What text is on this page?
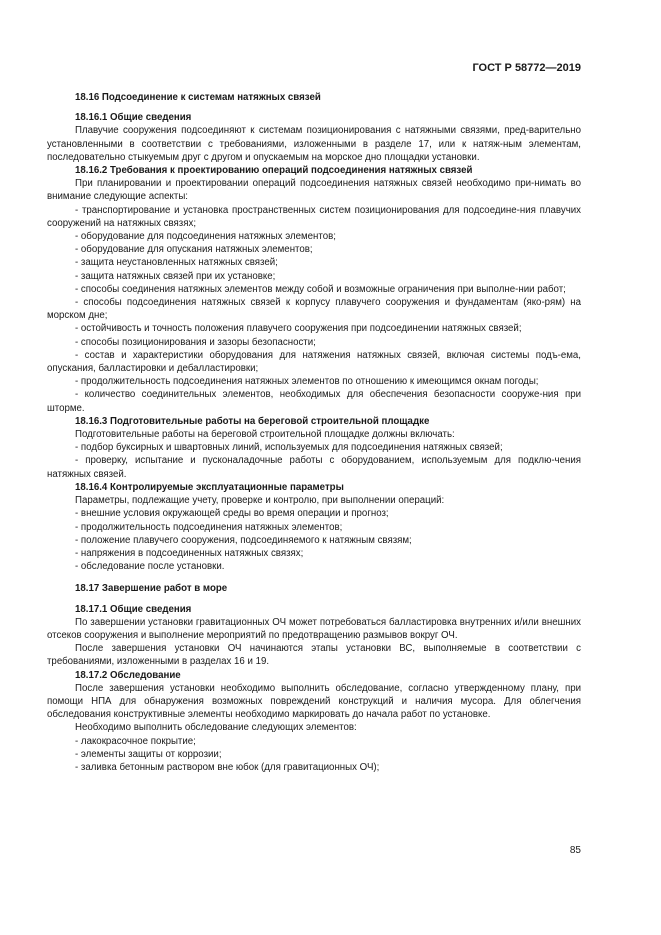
ГОСТ Р 58772—2019

18.16 Подсоединение к системам натяжных связей

18.16.1 Общие сведения

Плавучие сооружения подсоединяют к системам позиционирования с натяжными связями, пред-варительно установленными в соответствии с требованиями, изложенными в разделе 17, или к натяж-ным элементам, последовательно стыкуемым друг с другом и опускаемым на морское дно площадки установки.

18.16.2 Требования к проектированию операций подсоединения натяжных связей

При планировании и проектировании операций подсоединения натяжных связей необходимо при-нимать во внимание следующие аспекты:

- транспортирование и установка пространственных систем позиционирования для подсоедине-ния плавучих сооружений на натяжных связях;

- оборудование для подсоединения натяжных элементов;

- оборудование для опускания натяжных элементов;

- защита неустановленных натяжных связей;

- защита натяжных связей при их установке;

- способы соединения натяжных элементов между собой и возможные ограничения при выполне-нии работ;

- способы подсоединения натяжных связей к корпусу плавучего сооружения и фундаментам (яко-рям) на морском дне;

- остойчивость и точность положения плавучего сооружения при подсоединении натяжных связей;

- способы позиционирования и зазоры безопасности;

- состав и характеристики оборудования для натяжения натяжных связей, включая системы подъ-ема, опускания, балластировки и дебалластировки;

- продолжительность подсоединения натяжных элементов по отношению к имеющимся окнам погоды;

- количество соединительных элементов, необходимых для обеспечения безопасности сооруже-ния при шторме.

18.16.3 Подготовительные работы на береговой строительной площадке

Подготовительные работы на береговой строительной площадке должны включать:

- подбор буксирных и швартовных линий, используемых для подсоединения натяжных связей;

- проверку, испытание и пусконаладочные работы с оборудованием, используемым для подклю-чения натяжных связей.

18.16.4 Контролируемые эксплуатационные параметры

Параметры, подлежащие учету, проверке и контролю, при выполнении операций:

- внешние условия окружающей среды во время операции и прогноз;

- продолжительность подсоединения натяжных элементов;

- положение плавучего сооружения, подсоединяемого к натяжным связям;

- напряжения в подсоединенных натяжных связях;

- обследование после установки.

18.17 Завершение работ в море

18.17.1 Общие сведения

По завершении установки гравитационных ОЧ может потребоваться балластировка внутренних и/или внешних отсеков сооружения и выполнение мероприятий по предотвращению размывов вокруг ОЧ.

После завершения установки ОЧ начинаются этапы установки ВС, выполняемые в соответствии с требованиями, изложенными в разделах 16 и 19.

18.17.2 Обследование

После завершения установки необходимо выполнить обследование, согласно утвержденному плану, при помощи НПА для обнаружения возможных повреждений конструкций и наличия мусора. Для облегчения обследования конструктивные элементы необходимо маркировать до начала работ по установке.

Необходимо выполнить обследование следующих элементов:

- лакокрасочное покрытие;

- элементы защиты от коррозии;

- заливка бетонным раствором вне юбок (для гравитационных ОЧ);

85
